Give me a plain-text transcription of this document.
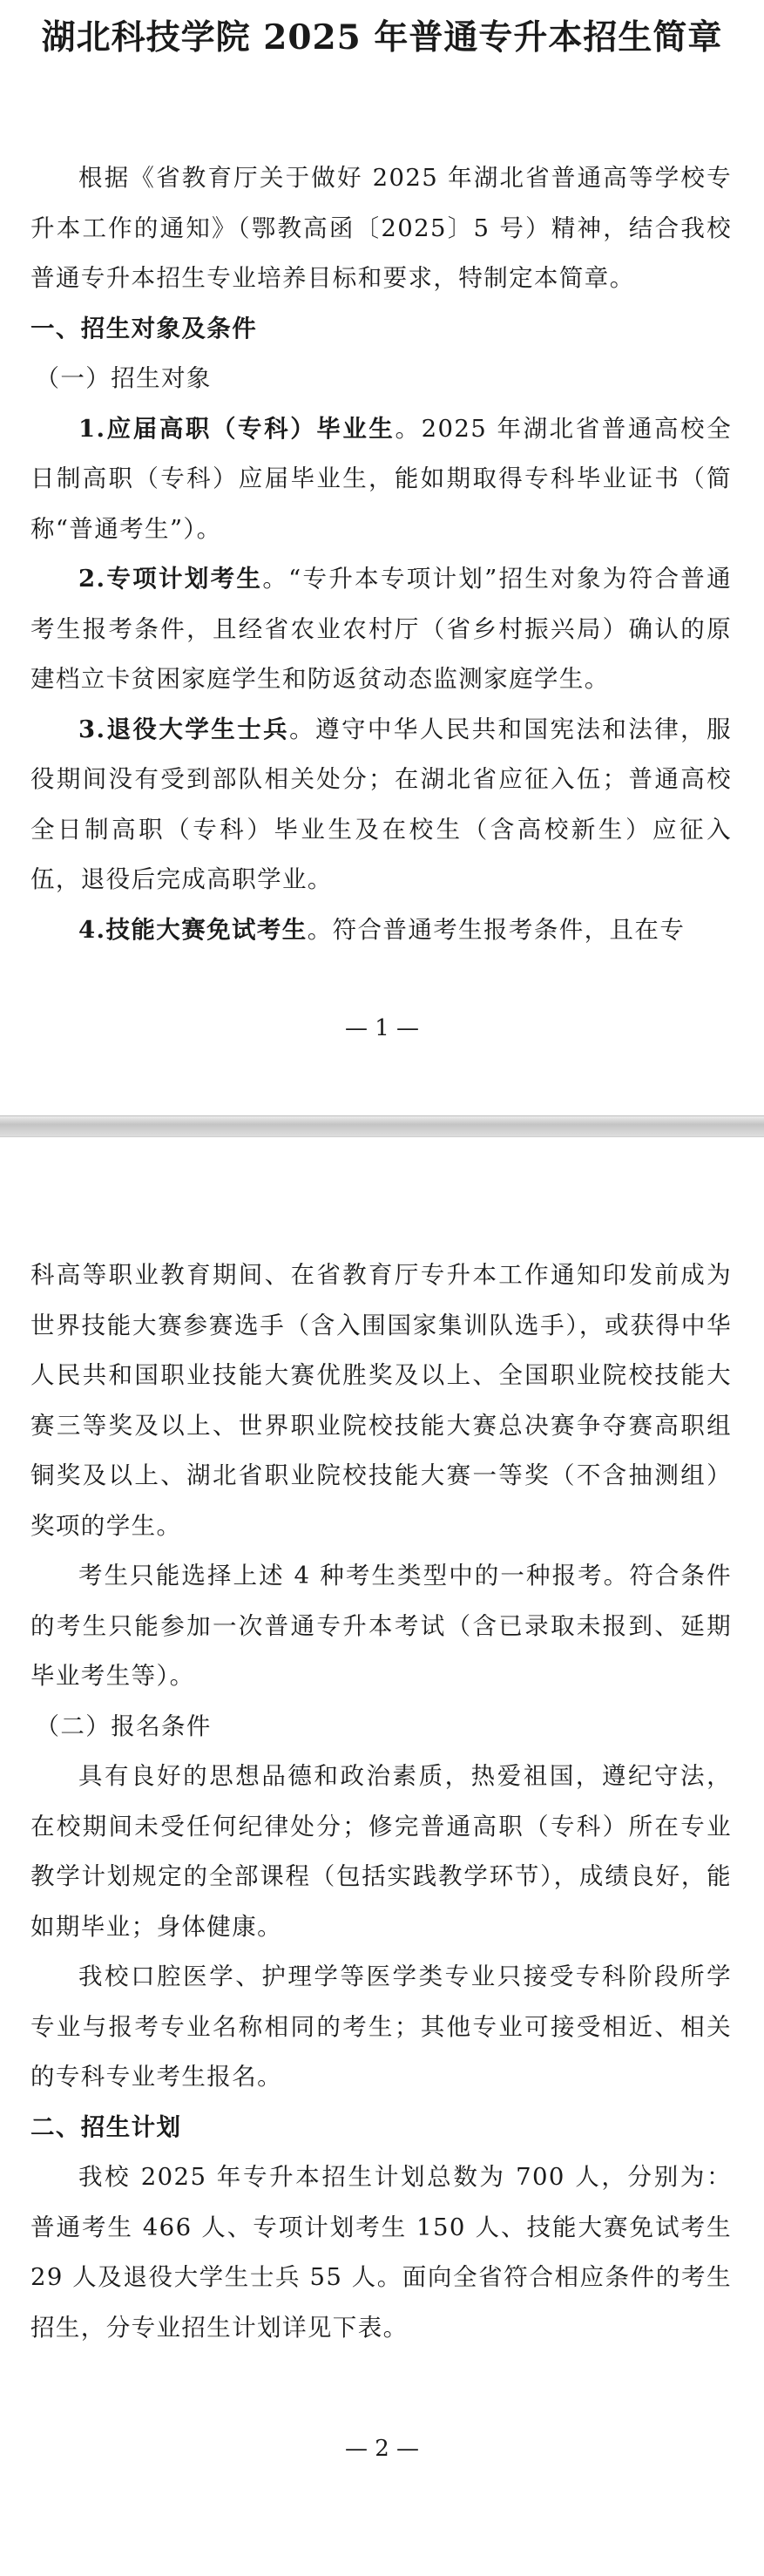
湖北科技学院 2025 年普通专升本招生简章

根据《省教育厅关于做好 2025 年湖北省普通高等学校专升本工作的通知》（鄂教高函〔2025〕5 号）精神，结合我校普通专升本招生专业培养目标和要求，特制定本简章。

一、招生对象及条件

（一）招生对象

1.应届高职（专科）毕业生。2025 年湖北省普通高校全日制高职（专科）应届毕业生，能如期取得专科毕业证书（简称“普通考生”）。

2.专项计划考生。“专升本专项计划”招生对象为符合普通考生报考条件，且经省农业农村厅（省乡村振兴局）确认的原建档立卡贫困家庭学生和防返贫动态监测家庭学生。

3.退役大学生士兵。遵守中华人民共和国宪法和法律，服役期间没有受到部队相关处分；在湖北省应征入伍；普通高校全日制高职（专科）毕业生及在校生（含高校新生）应征入伍，退役后完成高职学业。

4.技能大赛免试考生。符合普通考生报考条件，且在专

— 1 —

科高等职业教育期间、在省教育厅专升本工作通知印发前成为世界技能大赛参赛选手（含入围国家集训队选手），或获得中华人民共和国职业技能大赛优胜奖及以上、全国职业院校技能大赛三等奖及以上、世界职业院校技能大赛总决赛争夺赛高职组铜奖及以上、湖北省职业院校技能大赛一等奖（不含抽测组）奖项的学生。

考生只能选择上述 4 种考生类型中的一种报考。符合条件的考生只能参加一次普通专升本考试（含已录取未报到、延期毕业考生等）。

（二）报名条件

具有良好的思想品德和政治素质，热爱祖国，遵纪守法，在校期间未受任何纪律处分；修完普通高职（专科）所在专业教学计划规定的全部课程（包括实践教学环节），成绩良好，能如期毕业；身体健康。

我校口腔医学、护理学等医学类专业只接受专科阶段所学专业与报考专业名称相同的考生；其他专业可接受相近、相关的专科专业考生报名。

二、招生计划

我校 2025 年专升本招生计划总数为 700 人，分别为：普通考生 466 人、专项计划考生 150 人、技能大赛免试考生 29 人及退役大学生士兵 55 人。面向全省符合相应条件的考生招生，分专业招生计划详见下表。

— 2 —
